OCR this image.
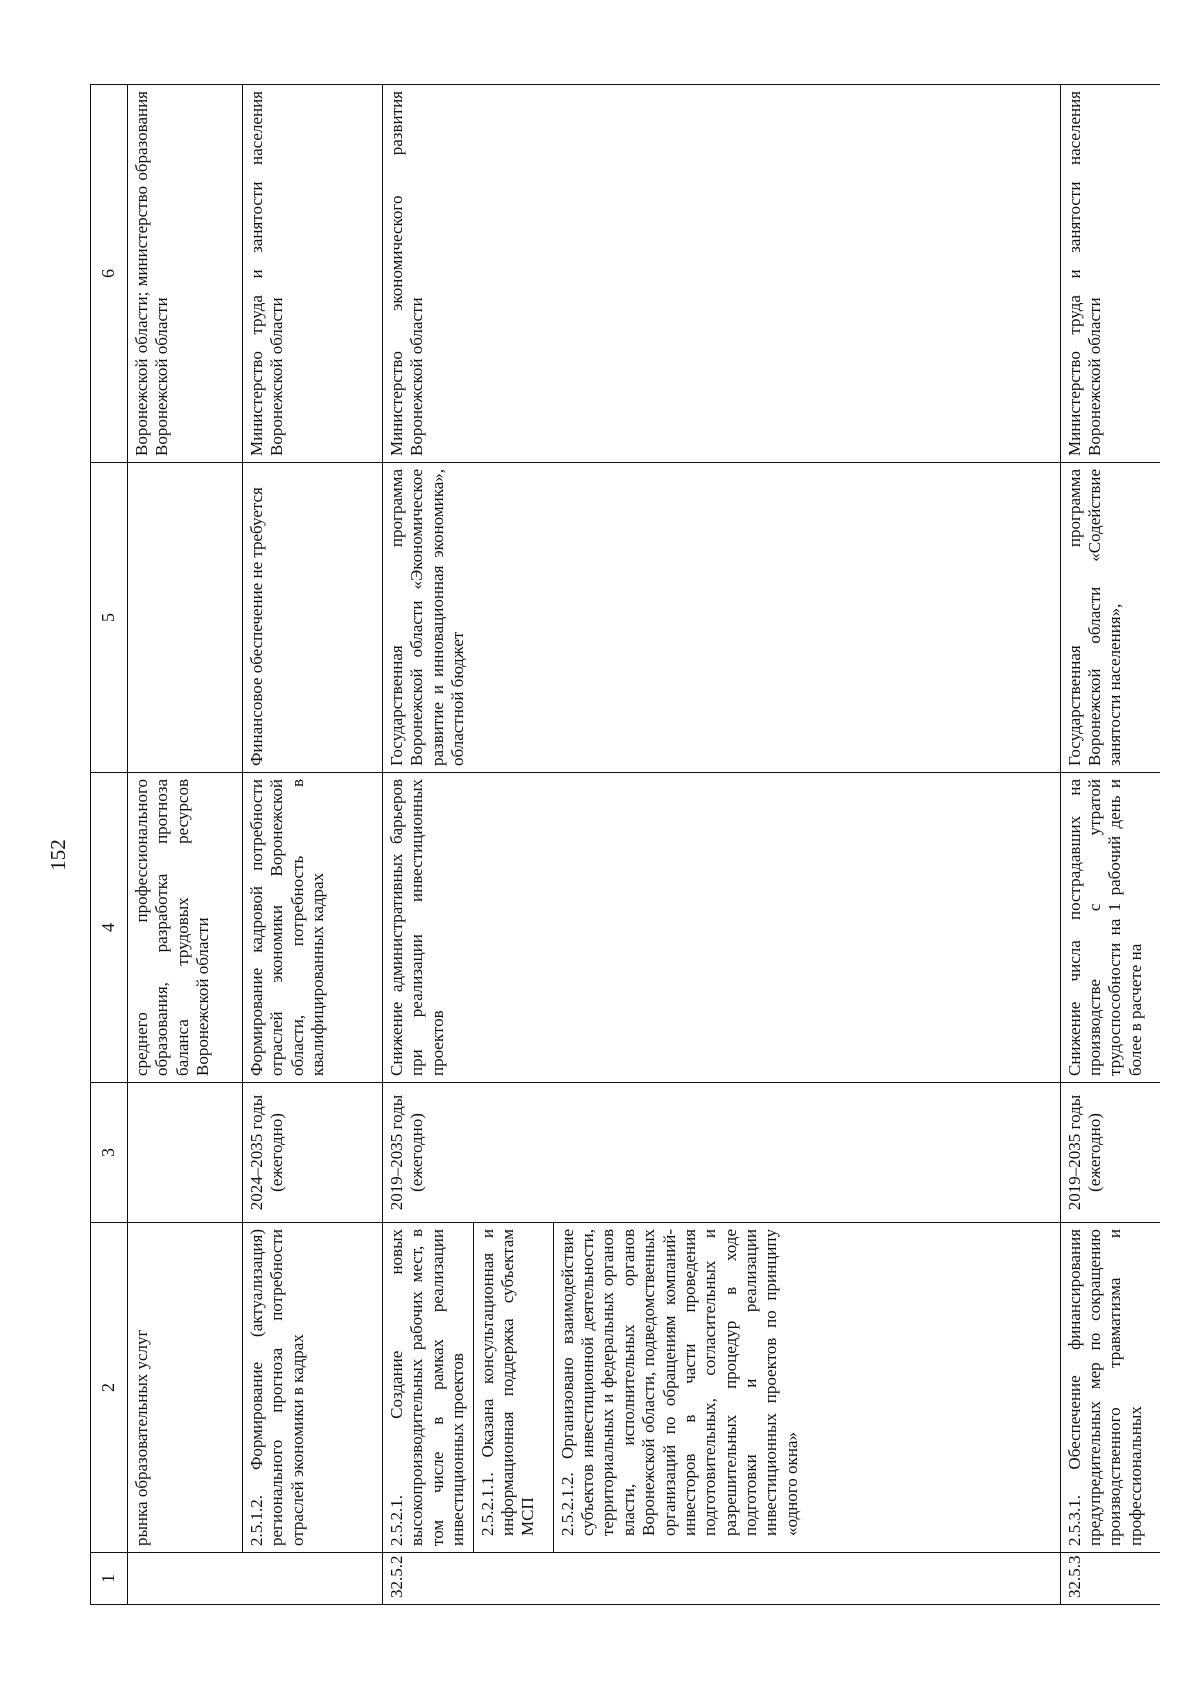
152
1	2	3	4	5	6
	рынка образовательных услуг		среднего профессионального образования, разработка прогноза баланса трудовых ресурсов Воронежской области		Воронежской области; министерство образования Воронежской области
	2.5.1.2. Формирование (актуализация) регионального прогноза потребности отраслей экономики в кадрах	2024–2035 годы (ежегодно)	Формирование кадровой потребности отраслей экономики Воронежской области, потребность в квалифицированных кадрах	Финансовое обеспечение не требуется	Министерство труда и занятости населения Воронежской области
32.5.2	2.5.2.1. Создание новых высокопроизводительных рабочих мест, в том числе в рамках реализации инвестиционных проектов	2019–2035 годы (ежегодно)	Снижение административных барьеров при реализации инвестиционных проектов	Государственная программа Воронежской области «Экономическое развитие и инновационная экономика», областной бюджет	Министерство экономического развития Воронежской области

	2.5.2.1.1. Оказана консультационная и информационная поддержка субъектам МСП				

	2.5.2.1.2. Организовано взаимодействие субъектов инвестиционной деятельности, территориальных и федеральных органов власти, исполнительных органов Воронежской области, подведомственных организаций по обращениям компаний-инвесторов в части проведения подготовительных, согласительных и разрешительных процедур в ходе подготовки и реализации инвестиционных проектов по принципу «одного окна»				

32.5.3	2.5.3.1. Обеспечение финансирования предупредительных мер по сокращению производственного травматизма и профессиональных	2019–2035 годы (ежегодно)	Снижение числа пострадавших на производстве с утратой трудоспособности на 1 рабочий день и более в расчете на	Государственная программа Воронежской области «Содействие занятости населения»,	Министерство труда и занятости населения Воронежской области
